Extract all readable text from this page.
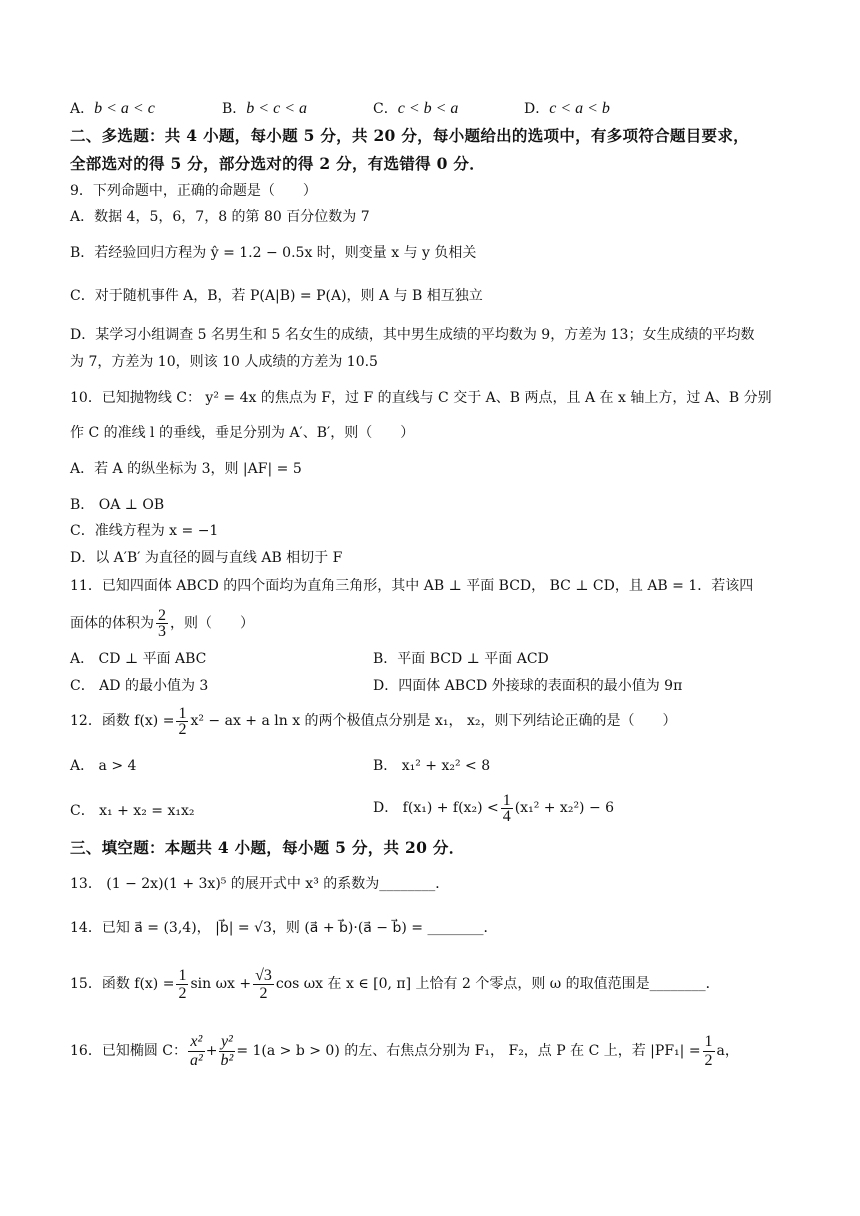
A．b < a < c	B．b < c < a	C．c < b < a	D．c < a < b
二、多选题：共 4 小题，每小题 5 分，共 20 分，每小题给出的选项中，有多项符合题目要求，
全部选对的得 5 分，部分选对的得 2 分，有选错得 0 分．
9．下列命题中，正确的命题是（　　）
A．数据 4，5，6，7，8 的第 80 百分位数为 7
B．若经验回归方程为 ŷ = 1.2 − 0.5x 时，则变量 x 与 y 负相关
C．对于随机事件 A，B，若 P(A|B) = P(A)，则 A 与 B 相互独立
D．某学习小组调查 5 名男生和 5 名女生的成绩，其中男生成绩的平均数为 9，方差为 13；女生成绩的平均数
为 7，方差为 10，则该 10 人成绩的方差为 10.5
10．已知抛物线 C： y² = 4x 的焦点为 F，过 F 的直线与 C 交于 A、B 两点，且 A 在 x 轴上方，过 A、B 分别
作 C 的准线 l 的垂线，垂足分别为 A′、B′，则（　　）
A．若 A 的纵坐标为 3，则 |AF| = 5
B． OA ⊥ OB
C．准线方程为 x = −1
D．以 A′B′ 为直径的圆与直线 AB 相切于 F
11．已知四面体 ABCD 的四个面均为直角三角形，其中 AB ⊥ 平面 BCD， BC ⊥ CD，且 AB = 1．若该四
面体的体积为 $\frac{2}{3}$ ，则（　　）
A． CD ⊥ 平面 ABC	B．平面 BCD ⊥ 平面 ACD
C． AD 的最小值为 3	D．四面体 ABCD 外接球的表面积的最小值为 9π
12．函数 $f(x) = \frac{1}{2} x^2$ − ax + a ln x 的两个极值点分别是 x₁， x₂，则下列结论正确的是（　　）
A． a > 4	B． x₁² + x₂² < 8
C． x₁ + x₂ = x₁x₂	D． $f(x_1) + f(x_2) < \frac{1}{4} (x_1^2 + x_2^2) - 6$
三、填空题：本题共 4 小题，每小题 5 分，共 20 分．
13． (1 − 2x)(1 + 3x)⁵ 的展开式中 x³ 的系数为________．
14．已知 a⃗ = (3,4)， |b⃗| = √3，则 (a⃗ + b⃗)·(a⃗ − b⃗) = ________．
15．函数 $f(x) = \frac{1}{2}$ $\sin \omega x + \frac{√3}{2}$ cos ωx 在 x ∈ [0, π] 上恰有 2 个零点，则 ω 的取值范围是________．
16．已知椭圆 C： $\frac{\text{x²}}{\text{a²}} + \frac{\text{y²}}{\text{b²}} = 1(a > b > 0)$ 的左、右焦点分别为 F₁， F₂，点 P 在 C 上，若 $|PF_1| = \frac{1}{2}$ a，
